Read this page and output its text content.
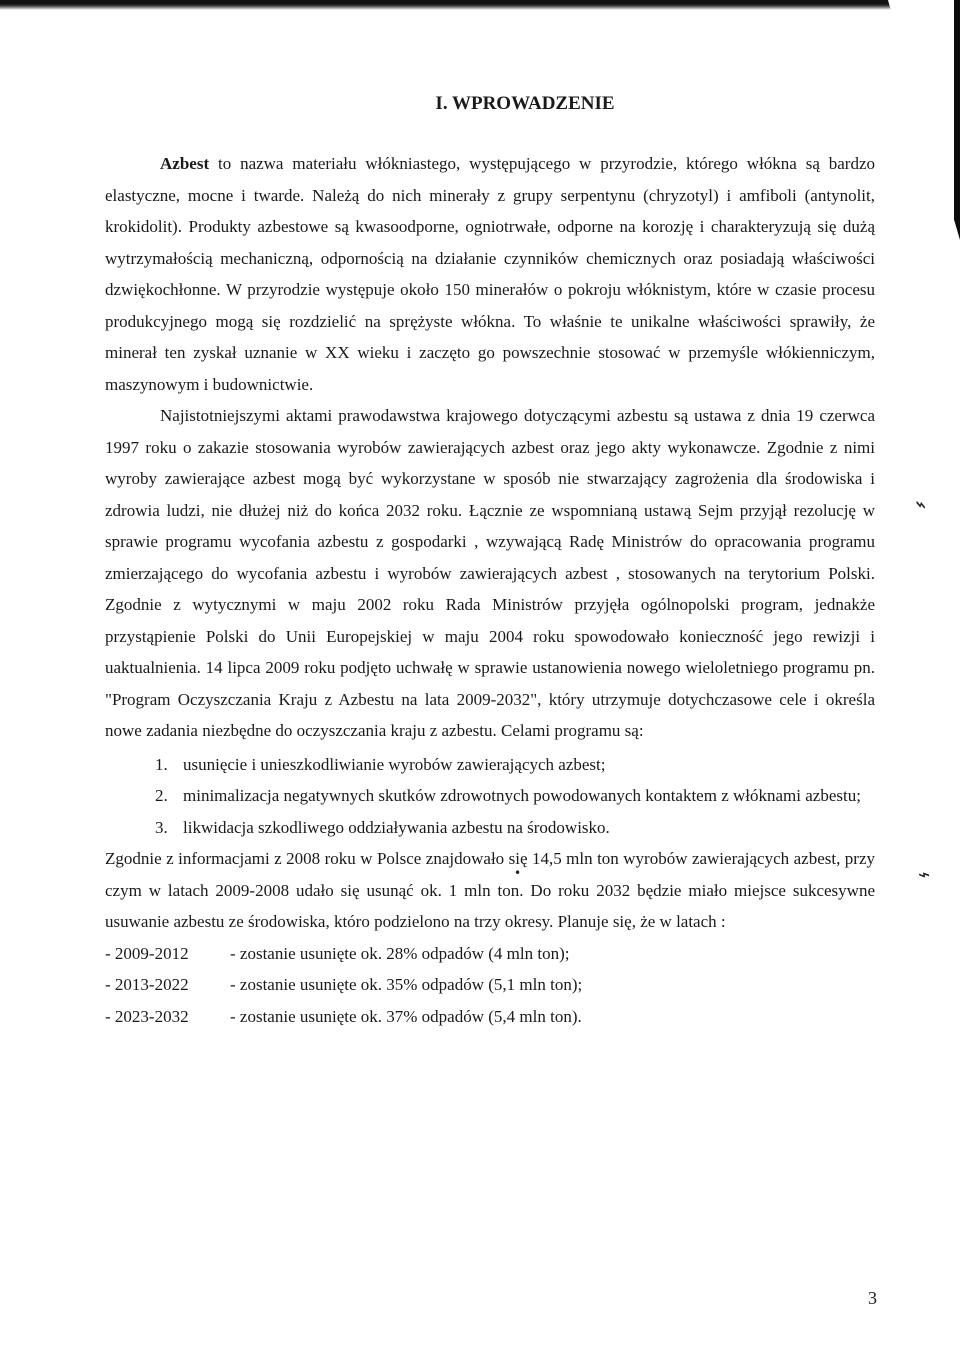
⌁
⌁
•
I. WPROWADZENIE

Azbest to nazwa materiału włókniastego, występującego w przyrodzie, którego włókna są bardzo elastyczne, mocne i twarde. Należą do nich minerały z grupy serpentynu (chryzotyl) i amfiboli (antynolit, krokidolit). Produkty azbestowe są kwasoodporne, ogniotrwałe, odporne na korozję i charakteryzują się dużą wytrzymałością mechaniczną, odpornością na działanie czynników chemicznych oraz posiadają właściwości dzwiękochłonne. W przyrodzie występuje około 150 minerałów o pokroju włóknistym, które w czasie procesu produkcyjnego mogą się rozdzielić na sprężyste włókna. To właśnie te unikalne właściwości sprawiły, że minerał ten zyskał uznanie w XX wieku i zaczęto go powszechnie stosować w przemyśle włókienniczym, maszynowym i budownictwie.

Najistotniejszymi aktami prawodawstwa krajowego dotyczącymi azbestu są ustawa z dnia 19 czerwca 1997 roku o zakazie stosowania wyrobów zawierających azbest oraz jego akty wykonawcze. Zgodnie z nimi wyroby zawierające azbest mogą być wykorzystane w sposób nie stwarzający zagrożenia dla środowiska i zdrowia ludzi, nie dłużej niż do końca 2032 roku. Łącznie ze wspomnianą ustawą Sejm przyjął rezolucję w sprawie programu wycofania azbestu z gospodarki , wzywającą Radę Ministrów do opracowania programu zmierzającego do wycofania azbestu i wyrobów zawierających azbest , stosowanych na terytorium Polski. Zgodnie z wytycznymi w maju 2002 roku Rada Ministrów przyjęła ogólnopolski program, jednakże przystąpienie Polski do Unii Europejskiej w maju 2004 roku spowodowało konieczność jego rewizji i uaktualnienia. 14 lipca 2009 roku podjęto uchwałę w sprawie ustanowienia nowego wieloletniego programu pn. "Program Oczyszczania Kraju z Azbestu na lata 2009-2032", który utrzymuje dotychczasowe cele i określa nowe zadania niezbędne do oczyszczania kraju z azbestu. Celami programu są:

1. usunięcie i unieszkodliwianie wyrobów zawierających azbest;
2. minimalizacja negatywnych skutków zdrowotnych powodowanych kontaktem z włóknami azbestu;
3. likwidacja szkodliwego oddziaływania azbestu na środowisko.

Zgodnie z informacjami z 2008 roku w Polsce znajdowało się 14,5 mln ton wyrobów zawierających azbest, przy czym w latach 2009-2008 udało się usunąć ok. 1 mln ton. Do roku 2032 będzie miało miejsce sukcesywne usuwanie azbestu ze środowiska, któro podzielono na trzy okresy. Planuje się, że w latach :

- 2009-2012	- zostanie usunięte ok. 28% odpadów (4 mln ton);
- 2013-2022	- zostanie usunięte ok. 35% odpadów (5,1 mln ton);
- 2023-2032	- zostanie usunięte ok. 37% odpadów (5,4 mln ton).
3
